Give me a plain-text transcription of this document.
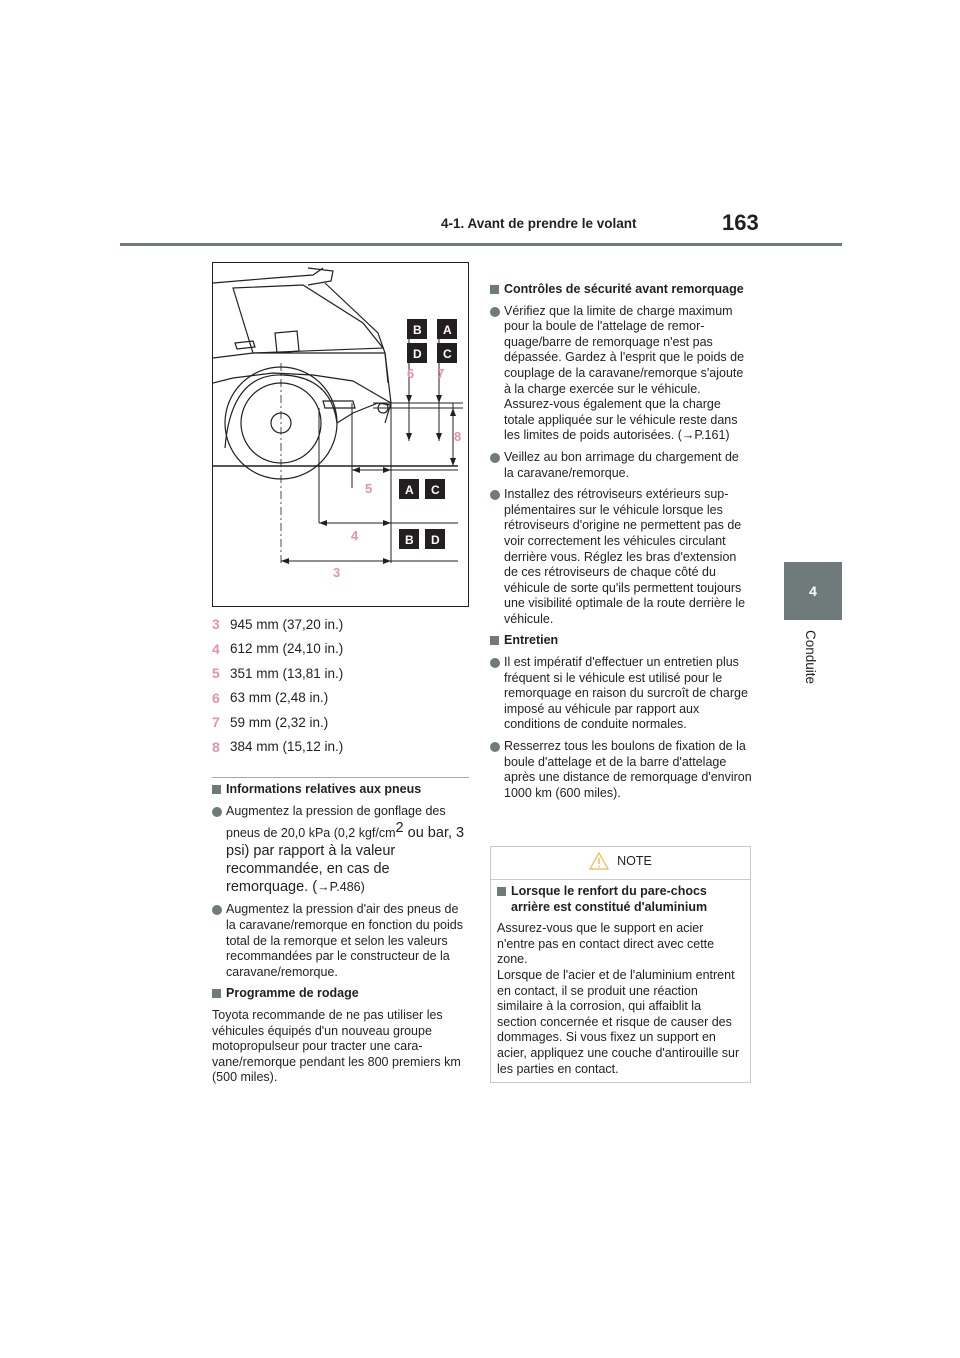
4-1. Avant de prendre le volant	163
4
Conduite
3
4
5
6 7
8
B A
D C
A C
B D
3 945 mm (37,20 in.)
4 612 mm (24,10 in.)
5 351 mm (13,81 in.)
6 63 mm (2,48 in.)
7 59 mm (2,32 in.)
8 384 mm (15,12 in.)
Informations relatives aux pneus
Augmentez la pression de gonflage des pneus de 20,0 kPa (0,2 kgf/$cm^2$ ou bar, 3 psi) par rapport à la valeur recommandée, en cas de remorquage. (→P.486)
Augmentez la pression d'air des pneus de la caravane/remorque en fonction du poids total de la remorque et selon les valeurs recommandées par le constructeur de la caravane/remorque.
Programme de rodage
Toyota recommande de ne pas utiliser les véhicules équipés d'un nouveau groupe motopropulseur pour tracter une caravane/remorque pendant les 800 premiers km (500 miles).
Contrôles de sécurité avant remorquage
Vérifiez que la limite de charge maximum pour la boule de l'attelage de remorquage/barre de remorquage n'est pas dépassée. Gardez à l'esprit que le poids de couplage de la caravane/remorque s'ajoute à la charge exercée sur le véhicule. Assurez-vous également que la charge totale appliquée sur le véhicule reste dans les limites de poids autorisées. (→P.161)
Veillez au bon arrimage du chargement de la caravane/remorque.
Installez des rétroviseurs extérieurs supplémentaires sur le véhicule lorsque les rétroviseurs d'origine ne permettent pas de voir correctement les véhicules circulant derrière vous. Réglez les bras d'extension de ces rétroviseurs de chaque côté du véhicule de sorte qu'ils permettent toujours une visibilité optimale de la route derrière le véhicule.
Entretien
Il est impératif d'effectuer un entretien plus fréquent si le véhicule est utilisé pour le remorquage en raison du surcroît de charge imposé au véhicule par rapport aux conditions de conduite normales.
Resserrez tous les boulons de fixation de la boule d'attelage et de la barre d'attelage après une distance de remorquage d'environ 1000 km (600 miles).
NOTE
Lorsque le renfort du pare-chocs arrière est constitué d'aluminium
Assurez-vous que le support en acier n'entre pas en contact direct avec cette zone.
Lorsque de l'acier et de l'aluminium entrent en contact, il se produit une réaction similaire à la corrosion, qui affaiblit la section concernée et risque de causer des dommages. Si vous fixez un support en acier, appliquez une couche d'antirouille sur les parties en contact.
